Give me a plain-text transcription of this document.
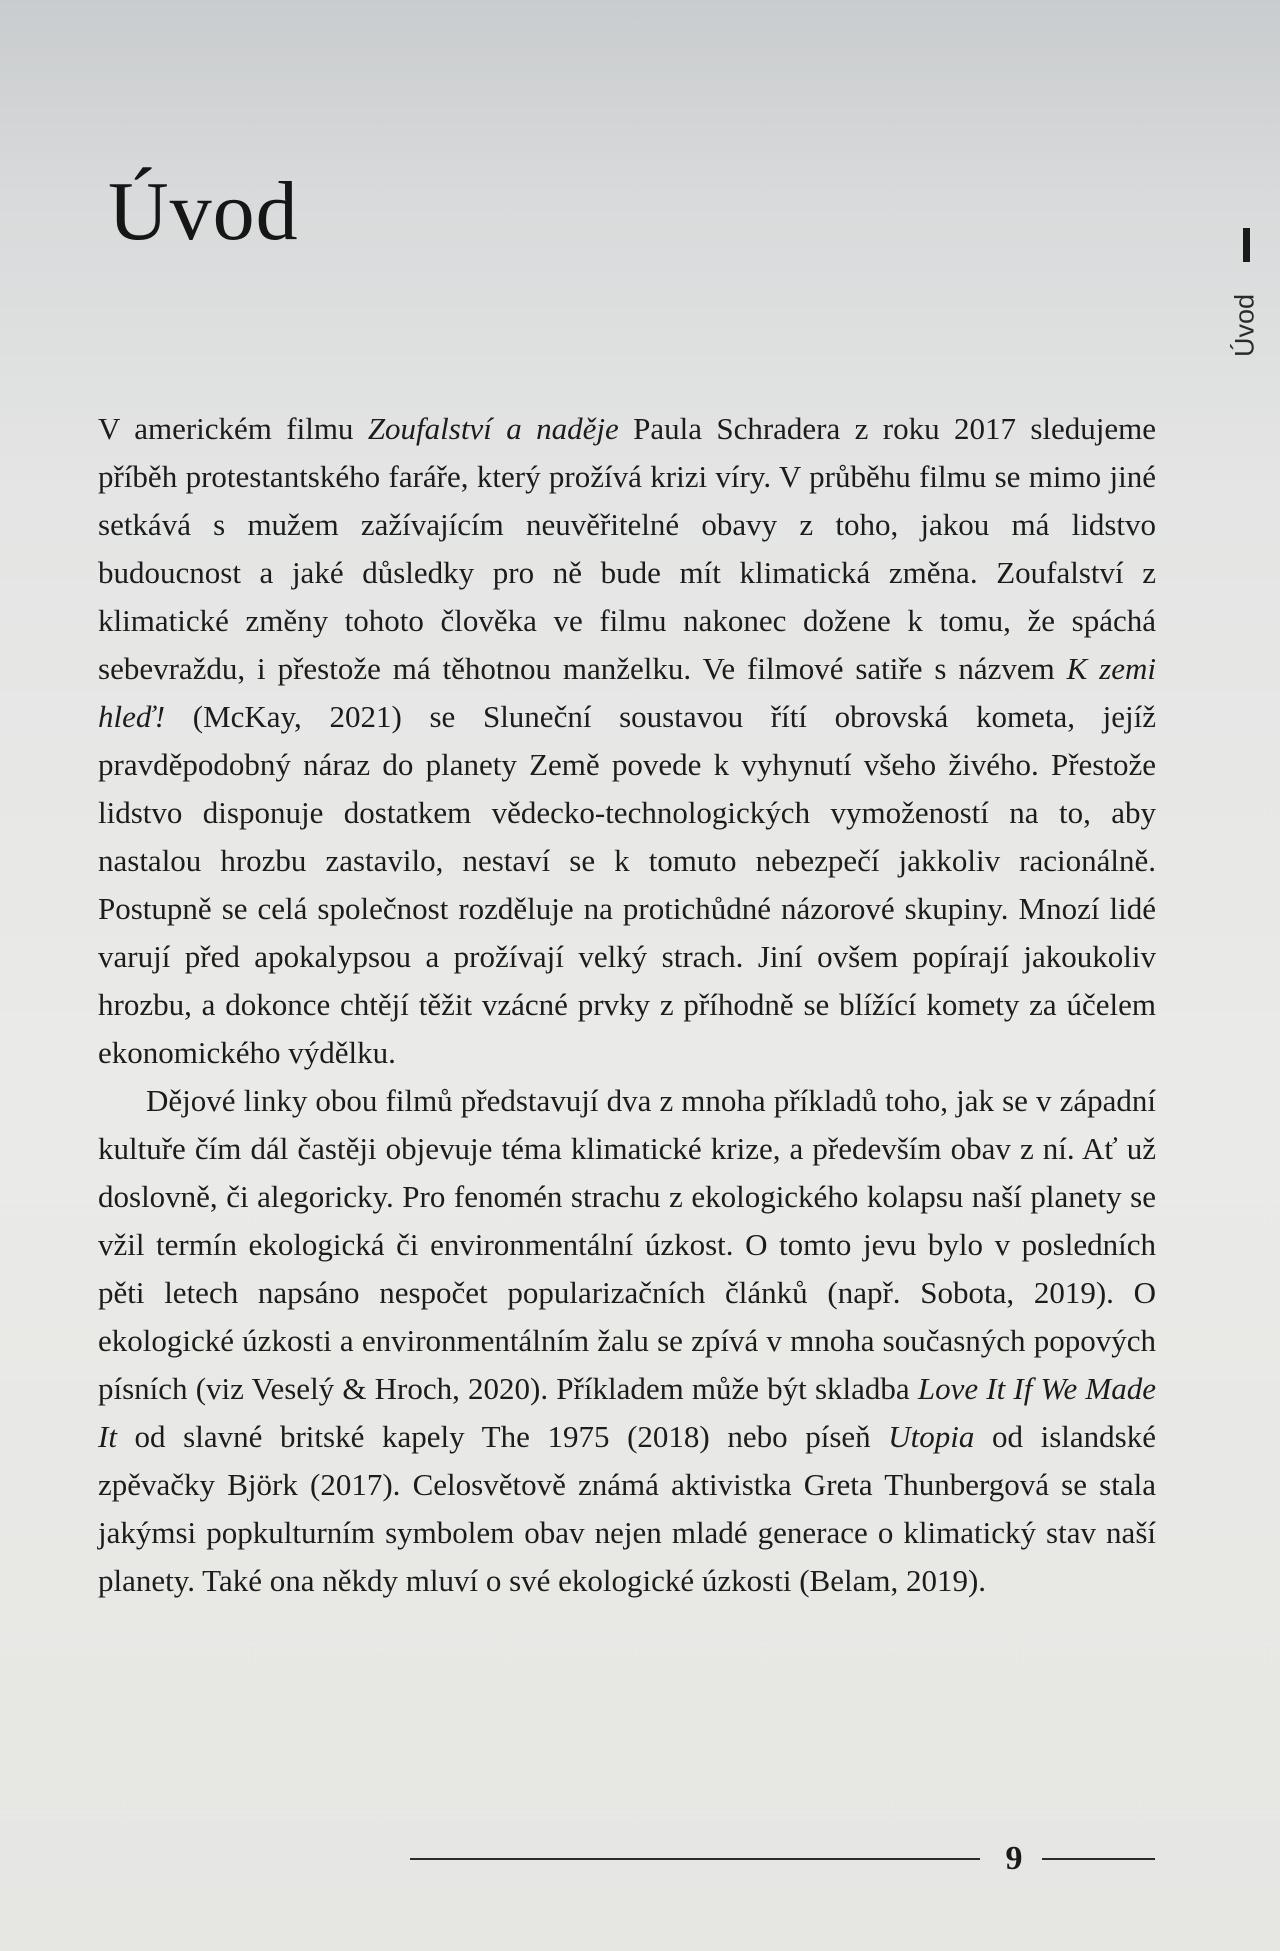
Úvod
Úvod

V americkém filmu Zoufalství a naděje Paula Schradera z roku 2017 sledujeme příběh protestantského faráře, který prožívá krizi víry. V průběhu filmu se mimo jiné setkává s mužem zažívajícím neuvěřitelné obavy z toho, jakou má lidstvo budoucnost a jaké důsledky pro ně bude mít klimatická změna. Zoufalství z klimatické změny tohoto člověka ve filmu nakonec dožene k tomu, že spáchá sebevraždu, i přestože má těhotnou manželku. Ve filmové satiře s názvem K zemi hleď! (McKay, 2021) se Sluneční soustavou řítí obrovská kometa, jejíž pravděpodobný náraz do planety Země povede k vyhynutí všeho živého. Přestože lidstvo disponuje dostatkem vědecko-technologických vymožeností na to, aby nastalou hrozbu zastavilo, nestaví se k tomuto nebezpečí jakkoliv racionálně. Postupně se celá společnost rozděluje na protichůdné názorové skupiny. Mnozí lidé varují před apokalypsou a prožívají velký strach. Jiní ovšem popírají jakoukoliv hrozbu, a dokonce chtějí těžit vzácné prvky z příhodně se blížící komety za účelem ekonomického výdělku.

Dějové linky obou filmů představují dva z mnoha příkladů toho, jak se v západní kultuře čím dál častěji objevuje téma klimatické krize, a především obav z ní. Ať už doslovně, či alegoricky. Pro fenomén strachu z ekologického kolapsu naší planety se vžil termín ekologická či environmentální úzkost. O tomto jevu bylo v posledních pěti letech napsáno nespočet popularizačních článků (např. Sobota, 2019). O ekologické úzkosti a environmentálním žalu se zpívá v mnoha současných popových písních (viz Veselý & Hroch, 2020). Příkladem může být skladba Love It If We Made It od slavné britské kapely The 1975 (2018) nebo píseň Utopia od islandské zpěvačky Björk (2017). Celosvětově známá aktivistka Greta Thunbergová se stala jakýmsi popkulturním symbolem obav nejen mladé generace o klimatický stav naší planety. Také ona někdy mluví o své ekologické úzkosti (Belam, 2019).

9
